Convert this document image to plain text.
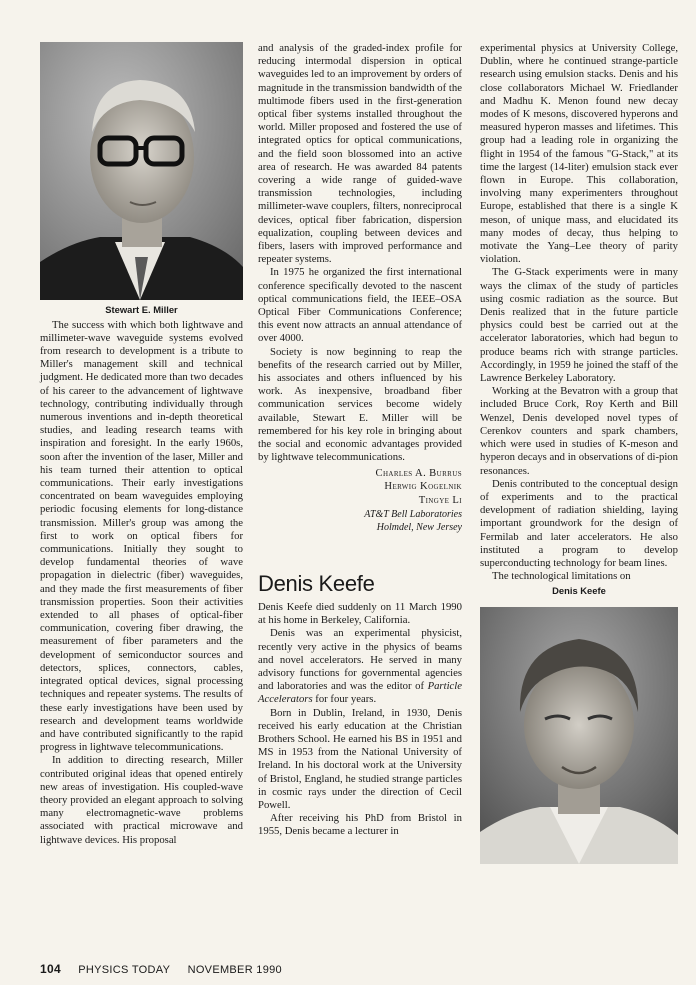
Stewart E. Miller

The success with which both lightwave and millimeter-wave waveguide systems evolved from research to development is a tribute to Miller's management skill and technical judgment. He dedicated more than two decades of his career to the advancement of lightwave technology, contributing individually through numerous inventions and in-depth theoretical studies, and leading research teams with inspiration and foresight. In the early 1960s, soon after the invention of the laser, Miller and his team turned their attention to optical communications. Their early investigations concentrated on beam waveguides employing periodic focusing elements for long-distance transmission. Miller's group was among the first to work on optical fibers for communications. Initially they sought to develop fundamental theories of wave propagation in dielectric (fiber) waveguides, and they made the first measurements of fiber transmission properties. Soon their activities extended to all phases of optical-fiber communication, covering fiber drawing, the measurement of fiber parameters and the development of semiconductor sources and detectors, splices, connectors, cables, integrated optical devices, signal processing techniques and repeater systems. The results of these early investigations have been used by research and development teams worldwide and have contributed significantly to the rapid progress in lightwave telecommunications.

In addition to directing research, Miller contributed original ideas that opened entirely new areas of investigation. His coupled-wave theory provided an elegant approach to solving many electromagnetic-wave problems associated with practical microwave and lightwave devices. His proposal

and analysis of the graded-index profile for reducing intermodal dispersion in optical waveguides led to an improvement by orders of magnitude in the transmission bandwidth of the multimode fibers used in the first-generation optical fiber systems installed throughout the world. Miller proposed and fostered the use of integrated optics for optical communications, and the field soon blossomed into an active area of research. He was awarded 84 patents covering a wide range of guided-wave transmission technologies, including millimeter-wave couplers, filters, nonreciprocal devices, optical fiber fabrication, dispersion equalization, coupling between devices and fibers, lasers with improved performance and repeater systems.

In 1975 he organized the first international conference specifically devoted to the nascent optical communications field, the IEEE–OSA Optical Fiber Communications Conference; this event now attracts an annual attendance of over 4000.

Society is now beginning to reap the benefits of the research carried out by Miller, his associates and others influenced by his work. As inexpensive, broadband fiber communication services become widely available, Stewart E. Miller will be remembered for his key role in bringing about the social and economic advantages provided by lightwave telecommunications.

Charles A. Burrus
Herwig Kogelnik
Tingye Li
AT&T Bell Laboratories
Holmdel, New Jersey
Denis Keefe

Denis Keefe died suddenly on 11 March 1990 at his home in Berkeley, California.

Denis was an experimental physicist, recently very active in the physics of beams and novel accelerators. He served in many advisory functions for governmental agencies and laboratories and was the editor of Particle Accelerators for four years.

Born in Dublin, Ireland, in 1930, Denis received his early education at the Christian Brothers School. He earned his BS in 1951 and MS in 1953 from the National University of Ireland. In his doctoral work at the University of Bristol, England, he studied strange particles in cosmic rays under the direction of Cecil Powell.

After receiving his PhD from Bristol in 1955, Denis became a lecturer in

experimental physics at University College, Dublin, where he continued strange-particle research using emulsion stacks. Denis and his close collaborators Michael W. Friedlander and Madhu K. Menon found new decay modes of K mesons, discovered hyperons and measured hyperon masses and lifetimes. This group had a leading role in organizing the flight in 1954 of the famous "G-Stack," at its time the largest (14-liter) emulsion stack ever flown in Europe. This collaboration, involving many experimenters throughout Europe, established that there is a single K meson, of unique mass, and elucidated its many modes of decay, thus helping to motivate the Yang–Lee theory of parity violation.

The G-Stack experiments were in many ways the climax of the study of particles using cosmic radiation as the source. But Denis realized that in the future particle physics could best be carried out at the accelerator laboratories, which had begun to produce beams rich with strange particles. Accordingly, in 1959 he joined the staff of the Lawrence Berkeley Laboratory.

Working at the Bevatron with a group that included Bruce Cork, Roy Kerth and Bill Wenzel, Denis developed novel types of Cerenkov counters and spark chambers, which were used in studies of K-meson and hyperon decays and in observations of di-pion resonances.

Denis contributed to the conceptual design of experiments and to the practical development of radiation shielding, laying important groundwork for the design of Fermilab and later accelerators. He also instituted a program to develop superconducting technology for beam lines.

The technological limitations on

Denis Keefe
104 PHYSICS TODAY NOVEMBER 1990
